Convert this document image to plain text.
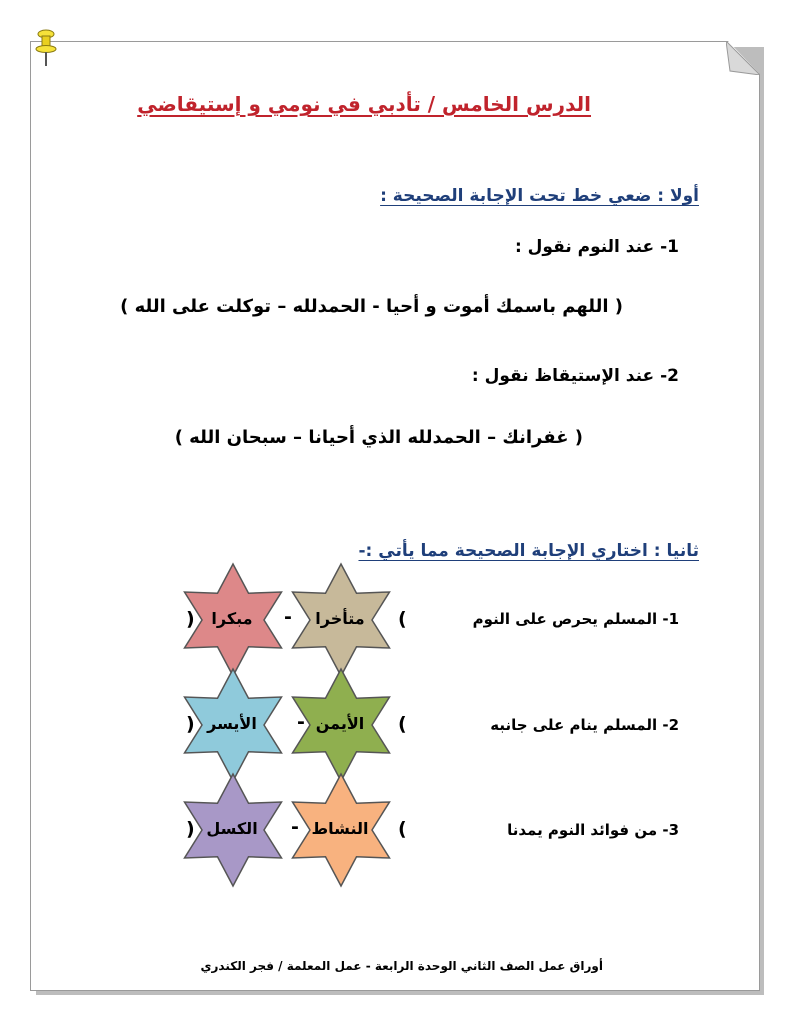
الدرس الخامس / تأدبي في نومي و إستيقاضي
أولا : ضعي خط تحت الإجابة الصحيحة :
1- عند النوم نقول :
( اللهم باسمك أموت و أحيا - الحمدلله – توكلت على الله )
2- عند الإستيقاظ نقول :
( غفرانك – الحمدلله الذي أحيانا – سبحان الله )
ثانيا : اختاري الإجابة الصحيحة مما يأتي :-
1- المسلم يحرص على النوم
2- المسلم ينام على جانبه
3- من فوائد النوم يمدنا
متأخرا
مبكرا
الأيمن
الأيسر
النشاط
الكسل
(
-
)
(
-
)
(
-
)
أوراق عمل الصف الثاني الوحدة الرابعة - عمل المعلمة / فجر الكندري
